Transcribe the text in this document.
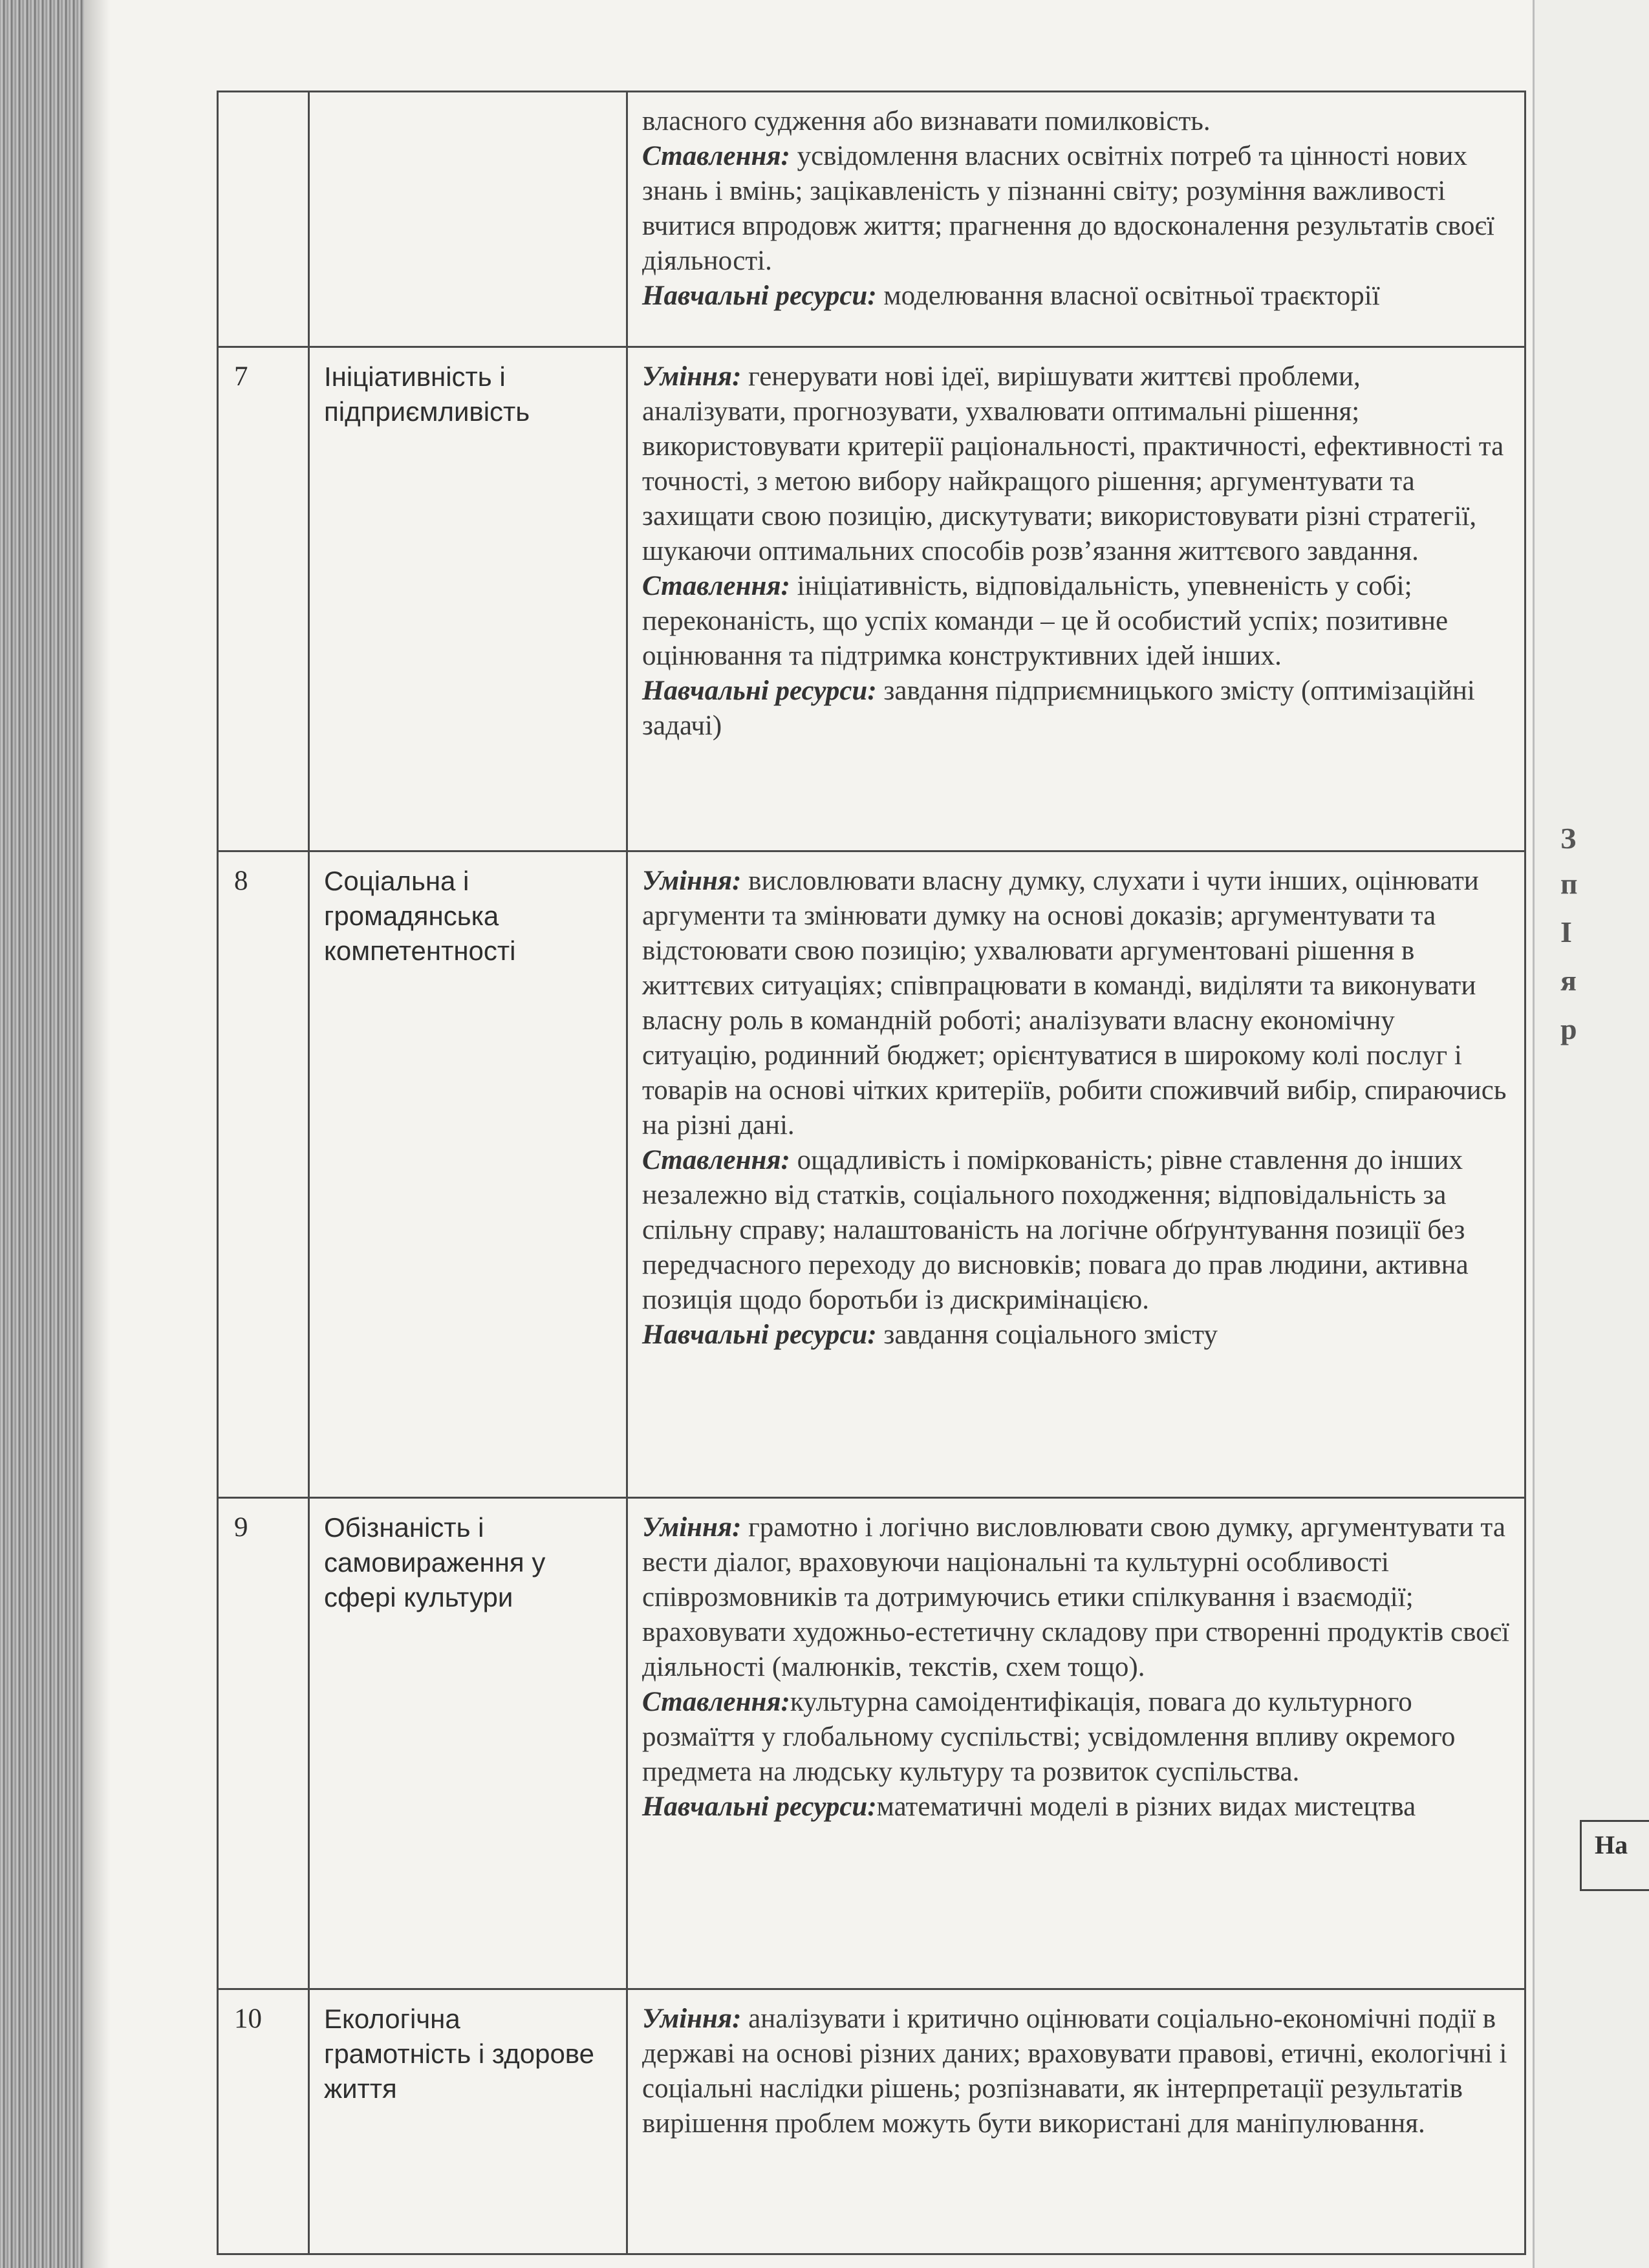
З
п
І
я
р
На

		власного судження або визнавати помилковість.

Ставлення: усвідомлення власних освітніх потреб та цінності нових знань і вмінь; зацікавленість у пізнанні світу; розуміння важливості вчитися впродовж життя; прагнення до вдосконалення результатів своєї діяльності.

Навчальні ресурси: моделювання власної освітньої траєкторії

7	Ініціативність і підприємливість	Уміння: генерувати нові ідеї, вирішувати життєві проблеми, аналізувати, прогнозувати, ухвалювати оптимальні рішення; використовувати критерії раціональності, практичності, ефективності та точності, з метою вибору найкращого рішення; аргументувати та захищати свою позицію, дискутувати; використовувати різні стратегії, шукаючи оптимальних способів розв’язання життєвого завдання.

Ставлення: ініціативність, відповідальність, упевненість у собі; переконаність, що успіх команди – це й особистий успіх; позитивне оцінювання та підтримка конструктивних ідей інших.

Навчальні ресурси: завдання підприємницького змісту (оптимізаційні задачі)

8	Соціальна і громадянська компетентності	Уміння: висловлювати власну думку, слухати і чути інших, оцінювати аргументи та змінювати думку на основі доказів; аргументувати та відстоювати свою позицію; ухвалювати аргументовані рішення в життєвих ситуаціях; співпрацювати в команді, виділяти та виконувати власну роль в командній роботі; аналізувати власну економічну ситуацію, родинний бюджет; орієнтуватися в широкому колі послуг і товарів на основі чітких критеріїв, робити споживчий вибір, спираючись на різні дані.

Ставлення: ощадливість і поміркованість; рівне ставлення до інших незалежно від статків, соціального походження; відповідальність за спільну справу; налаштованість на логічне обґрунтування позиції без передчасного переходу до висновків; повага до прав людини, активна позиція щодо боротьби із дискримінацією.

Навчальні ресурси: завдання соціального змісту

9	Обізнаність і самовираження у сфері культури	Уміння: грамотно і логічно висловлювати свою думку, аргументувати та вести діалог, враховуючи національні та культурні особливості співрозмовників та дотримуючись етики спілкування і взаємодії; враховувати художньо-естетичну складову при створенні продуктів своєї діяльності (малюнків, текстів, схем тощо).

Ставлення:культурна самоідентифікація, повага до культурного розмаїття у глобальному суспільстві; усвідомлення впливу окремого предмета на людську культуру та розвиток суспільства.

Навчальні ресурси:математичні моделі в різних видах мистецтва

10	Екологічна грамотність і здорове життя	Уміння: аналізувати і критично оцінювати соціально-економічні події в державі на основі різних даних; враховувати правові, етичні, екологічні і соціальні наслідки рішень; розпізнавати, як інтерпретації результатів вирішення проблем можуть бути використані для маніпулювання.
